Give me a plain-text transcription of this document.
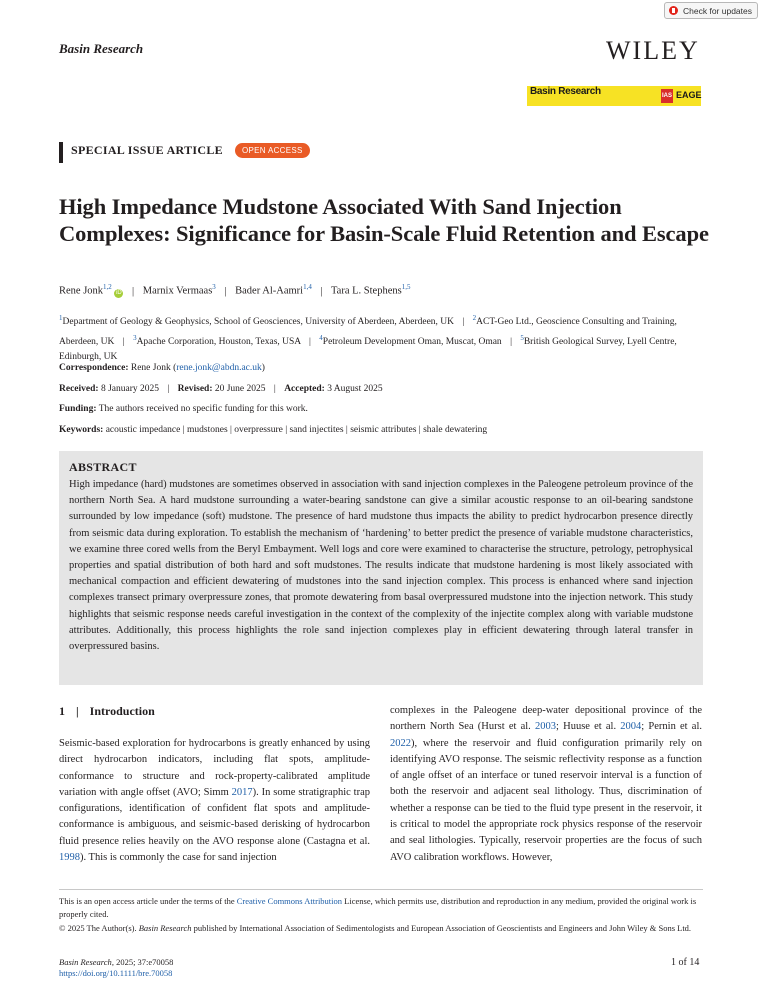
Check for updates
Basin Research	WILEY
Basin Research	IAS EAGE
SPECIAL ISSUE ARTICLE	OPEN ACCESS
High Impedance Mudstone Associated With Sand Injection Complexes: Significance for Basin-Scale Fluid Retention and Escape
Rene Jonk$^{1,2}$ iD | Marnix Vermaas$^3$ | Bader Al-Aamri$^{1,4}$ | Tara L. Stephens$^{1,5}$
$^1$Department of Geology & Geophysics, School of Geosciences, University of Aberdeen, Aberdeen, UK | $^2$ACT-Geo Ltd., Geoscience Consulting and Training, Aberdeen, UK | $^3$Apache Corporation, Houston, Texas, USA | $^4$Petroleum Development Oman, Muscat, Oman | $^5$British Geological Survey, Lyell Centre, Edinburgh, UK
Correspondence: Rene Jonk (rene.jonk@abdn.ac.uk)
Received: 8 January 2025 | Revised: 20 June 2025 | Accepted: 3 August 2025
Funding: The authors received no specific funding for this work.
Keywords: acoustic impedance | mudstones | overpressure | sand injectites | seismic attributes | shale dewatering
ABSTRACT
High impedance (hard) mudstones are sometimes observed in association with sand injection complexes in the Paleogene petroleum province of the northern North Sea. A hard mudstone surrounding a water-bearing sandstone can give a similar acoustic response to an oil-bearing sandstone surrounded by low impedance (soft) mudstone. The presence of hard mudstone thus impacts the ability to predict hydrocarbon presence directly from seismic data during exploration. To establish the mechanism of ‘hardening’ to better predict the presence of variable mudstone characteristics, we examine three cored wells from the Beryl Embayment. Well logs and core were examined to characterise the structure, petrology, petrophysical properties and spatial distribution of both hard and soft mudstones. The results indicate that mudstone hardening is most likely associated with mechanical compaction and efficient dewatering of mudstones into the sand injection complex. This process is enhanced where sand injection complexes transect primary overpressure zones, that promote dewatering from basal overpressured mudstone into the injection network. This study highlights that seismic response needs careful investigation in the context of the complexity of the injectite complex along with variable mudstone attributes. Additionally, this process highlights the role sand injection complexes play in efficient dewatering through lateral transfer in overpressured basins.
1 | Introduction
Seismic-based exploration for hydrocarbons is greatly enhanced by using direct hydrocarbon indicators, including flat spots, amplitude-conformance to structure and rock-property-calibrated amplitude variation with angle offset (AVO; Simm 2017). In some stratigraphic trap configurations, identification of confident flat spots and amplitude-conformance is ambiguous, and seismic-based derisking of hydrocarbon fluid presence relies heavily on the AVO response alone (Castagna et al. 1998). This is commonly the case for sand injection
complexes in the Paleogene deep-water depositional province of the northern North Sea (Hurst et al. 2003; Huuse et al. 2004; Pernin et al. 2022), where the reservoir and fluid configuration primarily rely on identifying AVO response. The seismic reflectivity response as a function of angle offset of an interface or tuned reservoir interval is a function of both the reservoir and adjacent seal lithology. Thus, discrimination of whether a response can be tied to the fluid type present in the reservoir, it is critical to model the appropriate rock physics response of the reservoir and seal lithologies. Typically, reservoir properties are the focus of such AVO calibration workflows. However,
This is an open access article under the terms of the Creative Commons Attribution License, which permits use, distribution and reproduction in any medium, provided the original work is properly cited.
© 2025 The Author(s). Basin Research published by International Association of Sedimentologists and European Association of Geoscientists and Engineers and John Wiley & Sons Ltd.
Basin Research, 2025; 37:e70058
https://doi.org/10.1111/bre.70058
1 of 14
